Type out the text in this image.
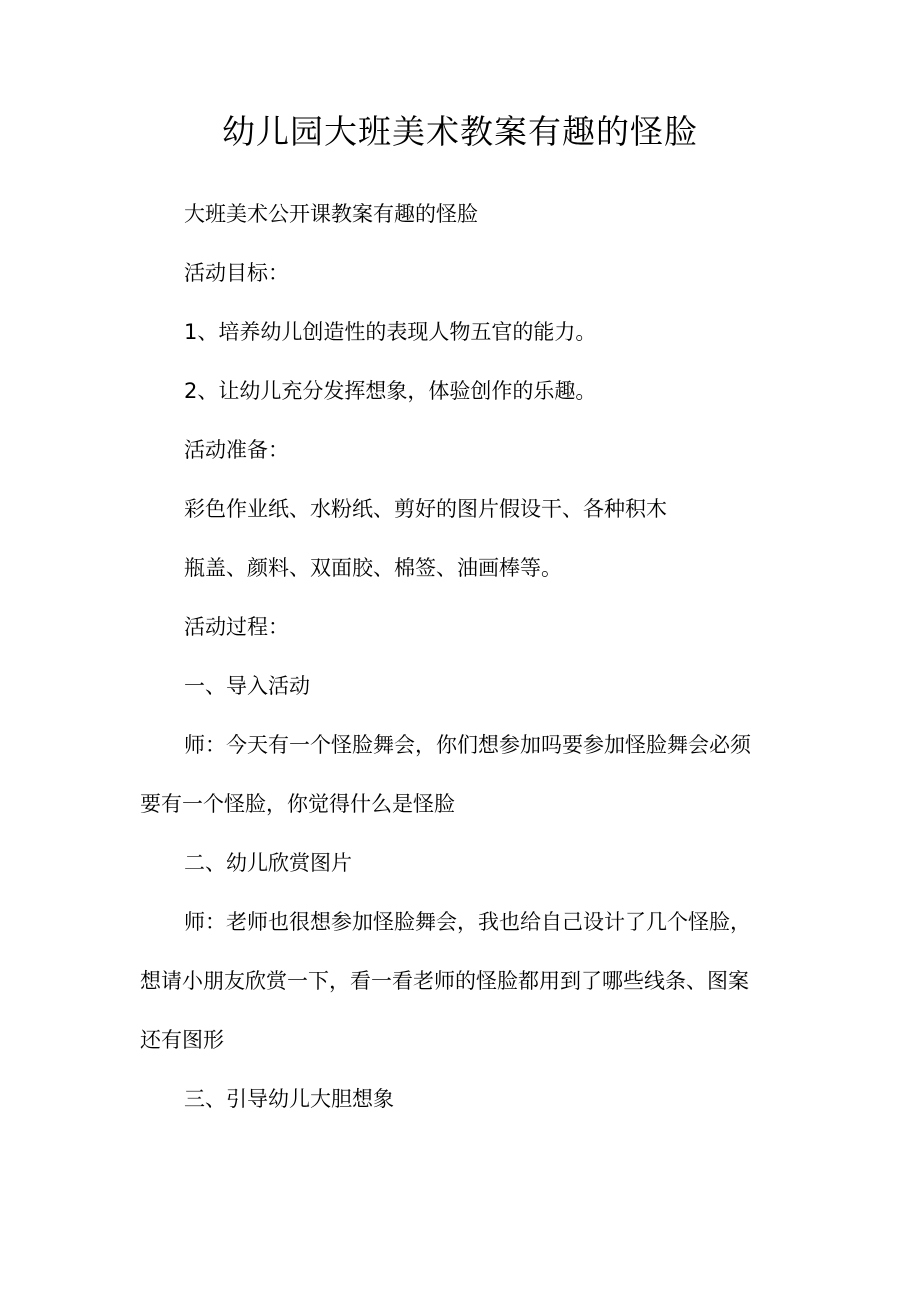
幼儿园大班美术教案有趣的怪脸
大班美术公开课教案有趣的怪脸
活动目标：
1、培养幼儿创造性的表现人物五官的能力。
2、让幼儿充分发挥想象，体验创作的乐趣。
活动准备：
彩色作业纸、水粉纸、剪好的图片假设干、各种积木
瓶盖、颜料、双面胶、棉签、油画棒等。
活动过程：
一、导入活动
师：今天有一个怪脸舞会，你们想参加吗要参加怪脸舞会必须
要有一个怪脸，你觉得什么是怪脸
二、幼儿欣赏图片
师：老师也很想参加怪脸舞会，我也给自己设计了几个怪脸，
想请小朋友欣赏一下，看一看老师的怪脸都用到了哪些线条、图案
还有图形
三、引导幼儿大胆想象
